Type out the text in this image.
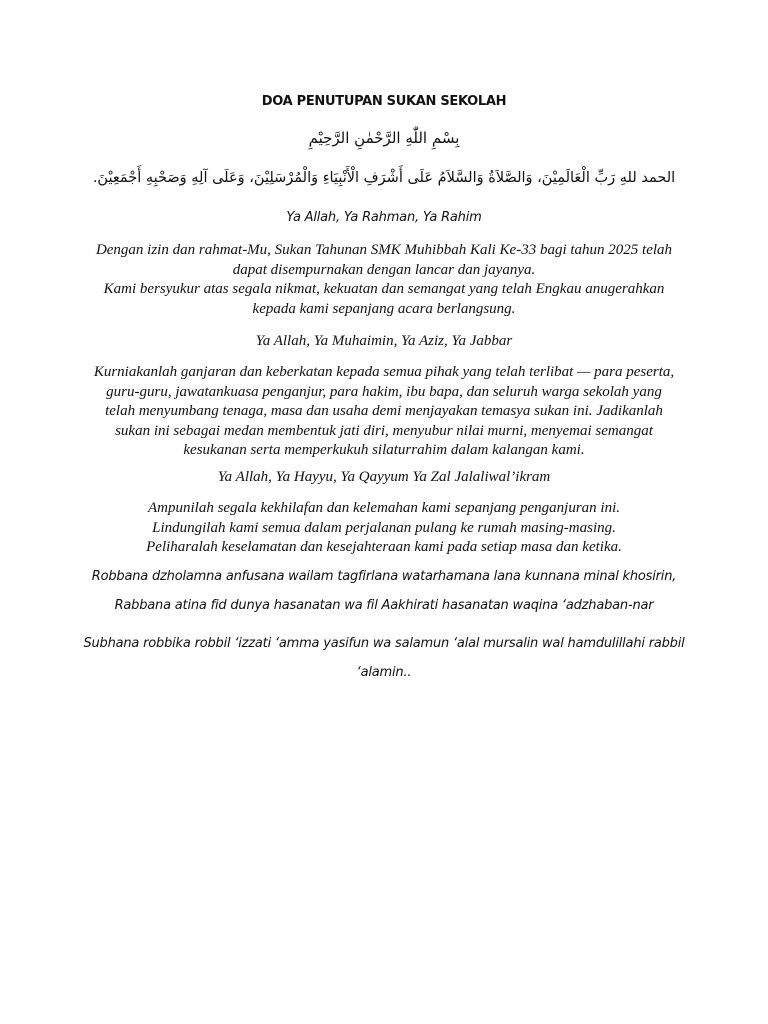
DOA PENUTUPAN SUKAN SEKOLAH
بِسْمِ اللّٰهِ الرَّحْمٰنِ الرَّحِيْمِ
الحمد للهِ رَبِّ الْعَالَمِيْنَ، وَالصَّلاَةُ وَالسَّلاَمُ عَلَى أَشْرَفِ الْأَنْبِيَاءِ وَالْمُرْسَلِيْنَ، وَعَلَى آلِهِ وَصَحْبِهِ أَجْمَعِيْنَ.
Ya Allah, Ya Rahman, Ya Rahim
Dengan izin dan rahmat-Mu, Sukan Tahunan SMK Muhibbah Kali Ke-33 bagi tahun 2025 telah
dapat disempurnakan dengan lancar dan jayanya.
Kami bersyukur atas segala nikmat, kekuatan dan semangat yang telah Engkau anugerahkan
kepada kami sepanjang acara berlangsung.
Ya Allah, Ya Muhaimin, Ya Aziz, Ya Jabbar
Kurniakanlah ganjaran dan keberkatan kepada semua pihak yang telah terlibat — para peserta,
guru-guru, jawatankuasa penganjur, para hakim, ibu bapa, dan seluruh warga sekolah yang
telah menyumbang tenaga, masa dan usaha demi menjayakan temasya sukan ini. Jadikanlah
sukan ini sebagai medan membentuk jati diri, menyubur nilai murni, menyemai semangat
kesukanan serta memperkukuh silaturrahim dalam kalangan kami.
Ya Allah, Ya Hayyu, Ya Qayyum Ya Zal Jalaliwal’ikram
Ampunilah segala kekhilafan dan kelemahan kami sepanjang penganjuran ini.
Lindungilah kami semua dalam perjalanan pulang ke rumah masing-masing.
Peliharalah keselamatan dan kesejahteraan kami pada setiap masa dan ketika.
Robbana dzholamna anfusana wailam tagfirlana watarhamana lana kunnana minal khosirin,
Rabbana atina fid dunya hasanatan wa fil Aakhirati hasanatan waqina ‘adzhaban-nar
Subhana robbika robbil ‘izzati ‘amma yasifun wa salamun ‘alal mursalin wal hamdulillahi rabbil
‘alamin..
